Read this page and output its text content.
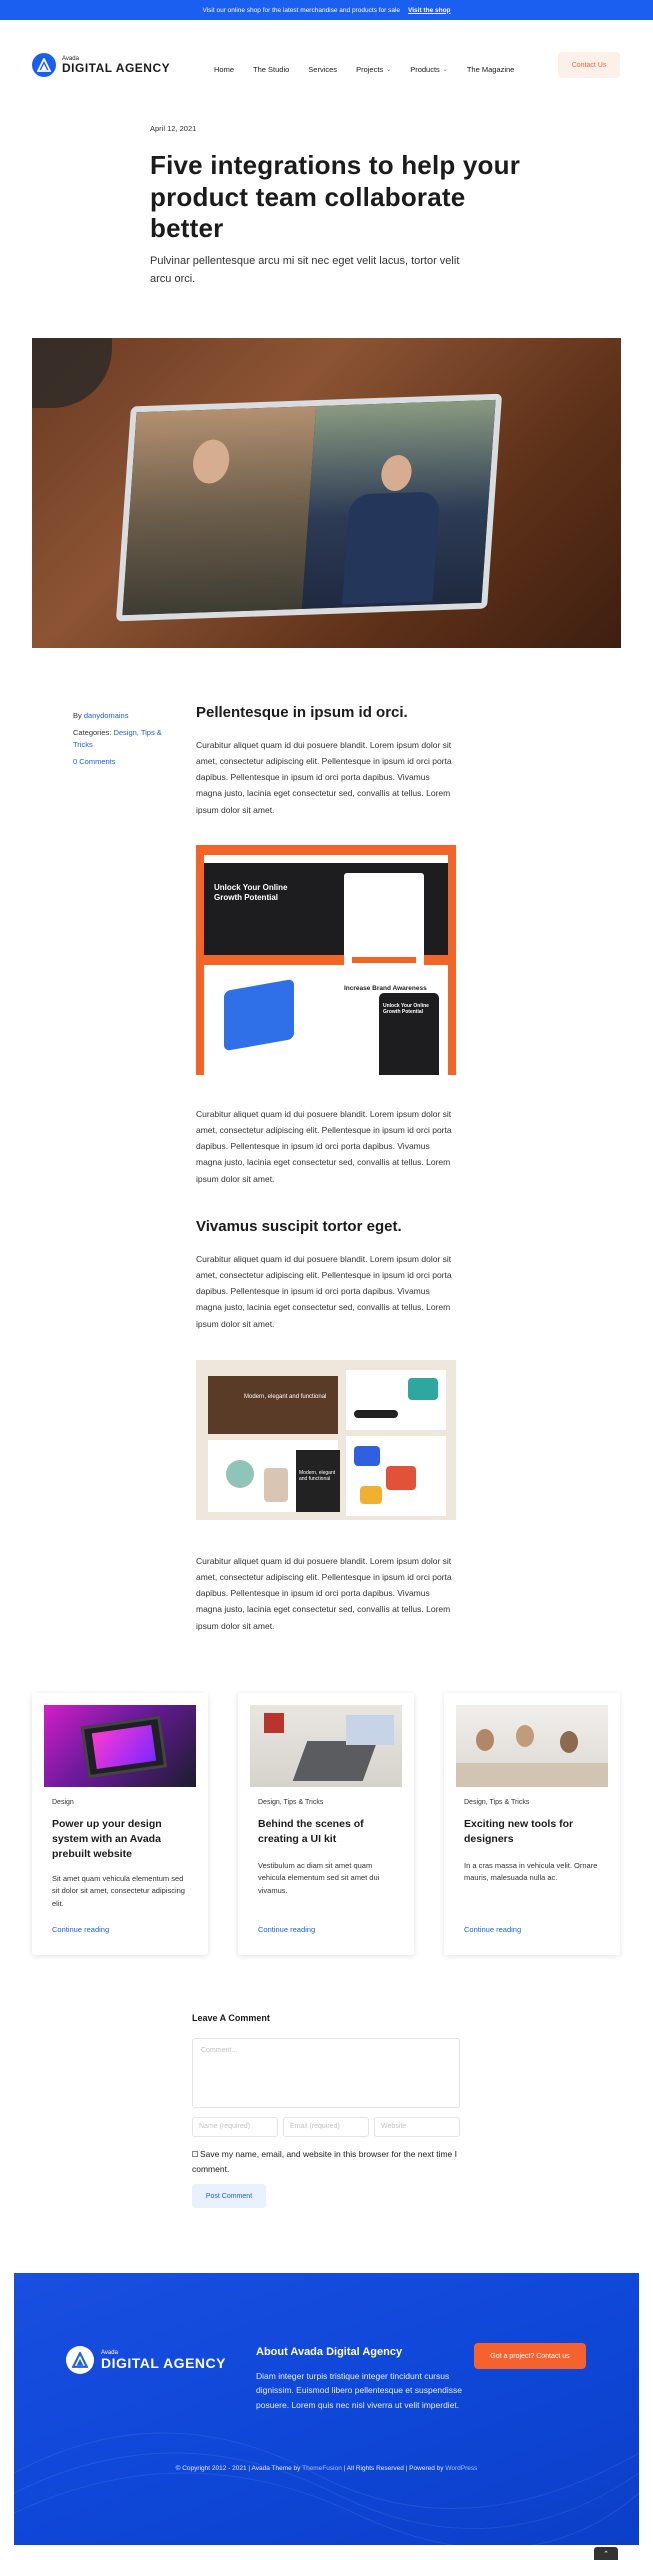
Visit our online shop for the latest merchandise and products for sale Visit the shop
Avada
DIGITAL AGENCY	Home	The Studio	Services	Projects ⌄	Products ⌄	The Magazine	Contact Us
April 12, 2021
Five integrations to help your product team collaborate better

Pulvinar pellentesque arcu mi sit nec eget velit lacus, tortor velit arcu orci.

By danydomains
Categories: Design, Tips & Tricks
0 Comments
Pellentesque in ipsum id orci.

Curabitur aliquet quam id dui posuere blandit. Lorem ipsum dolor sit amet, consectetur adipiscing elit. Pellentesque in ipsum id orci porta dapibus. Pellentesque in ipsum id orci porta dapibus. Vivamus magna justo, lacinia eget consectetur sed, convallis at tellus. Lorem ipsum dolor sit amet.

Unlock Your Online Growth Potential
Increase Brand Awareness
Unlock Your Online Growth Potential

Curabitur aliquet quam id dui posuere blandit. Lorem ipsum dolor sit amet, consectetur adipiscing elit. Pellentesque in ipsum id orci porta dapibus. Pellentesque in ipsum id orci porta dapibus. Vivamus magna justo, lacinia eget consectetur sed, convallis at tellus. Lorem ipsum dolor sit amet.

Vivamus suscipit tortor eget.

Curabitur aliquet quam id dui posuere blandit. Lorem ipsum dolor sit amet, consectetur adipiscing elit. Pellentesque in ipsum id orci porta dapibus. Pellentesque in ipsum id orci porta dapibus. Vivamus magna justo, lacinia eget consectetur sed, convallis at tellus. Lorem ipsum dolor sit amet.

Modern, elegant and functional
Modern, elegant and functional

Curabitur aliquet quam id dui posuere blandit. Lorem ipsum dolor sit amet, consectetur adipiscing elit. Pellentesque in ipsum id orci porta dapibus. Pellentesque in ipsum id orci porta dapibus. Vivamus magna justo, lacinia eget consectetur sed, convallis at tellus. Lorem ipsum dolor sit amet.

Design
Power up your design system with an Avada prebuilt website
Sit amet quam vehicula elementum sed sit dolor sit amet, consectetur adipiscing elit.
Continue reading
Design, Tips & Tricks
Behind the scenes of creating a UI kit
Vestibulum ac diam sit amet quam vehicula elementum sed sit amet dui vivamus.
Continue reading
Design, Tips & Tricks
Exciting new tools for designers
In a cras massa in vehicula velit. Ornare mauris, malesuada nulla ac.
Continue reading
Leave A Comment
Comment...
Name (required)	Email (required)	Website
Save my name, email, and website in this browser for the next time I comment.
Post Comment
Avada
DIGITAL AGENCY
About Avada Digital Agency
Diam integer turpis tristique integer tincidunt cursus dignissim. Euismod libero pellentesque et suspendisse posuere. Lorem quis nec nisl viverra ut velit imperdiet.
Got a project? Contact us
© Copyright 2012 - 2021 | Avada Theme by ThemeFusion | All Rights Reserved | Powered by WordPress
⌃
